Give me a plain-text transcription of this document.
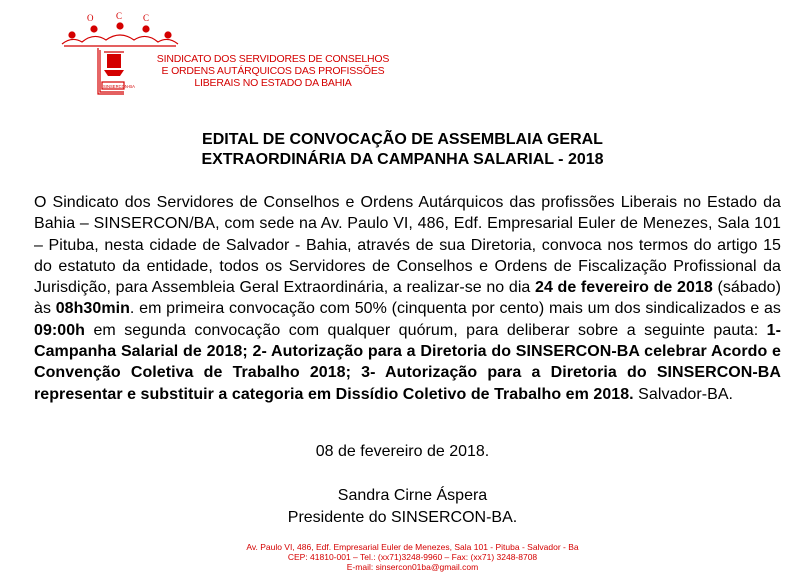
O	C C
SINSERCON-BA
SINDICATO DOS SERVIDORES DE CONSELHOS
E ORDENS AUTÁRQUICOS DAS PROFISSÕES
LIBERAIS NO ESTADO DA BAHIA
EDITAL DE CONVOCAÇÃO DE ASSEMBLAIA GERAL
EXTRAORDINÁRIA DA CAMPANHA SALARIAL - 2018
O Sindicato dos Servidores de Conselhos e Ordens Autárquicos das profissões Liberais no Estado da Bahia – SINSERCON/BA, com sede na Av. Paulo VI, 486, Edf. Empresarial Euler de Menezes, Sala 101 – Pituba, nesta cidade de Salvador - Bahia, através de sua Diretoria, convoca nos termos do artigo 15 do estatuto da entidade, todos os Servidores de Conselhos e Ordens de Fiscalização Profissional da Jurisdição, para Assembleia Geral Extraordinária, a realizar-se no dia 24 de fevereiro de 2018 (sábado) às 08h30min. em primeira convocação com 50% (cinquenta por cento) mais um dos sindicalizados e as 09:00h em segunda convocação com qualquer quórum, para deliberar sobre a seguinte pauta: 1- Campanha Salarial de 2018; 2- Autorização para a Diretoria do SINSERCON-BA celebrar Acordo e Convenção Coletiva de Trabalho 2018; 3- Autorização para a Diretoria do SINSERCON-BA representar e substituir a categoria em Dissídio Coletivo de Trabalho em 2018. Salvador-BA.
08 de fevereiro de 2018.
Sandra Cirne Áspera
Presidente do SINSERCON-BA.
Av. Paulo VI, 486, Edf. Empresarial Euler de Menezes, Sala 101 - Pituba - Salvador - Ba
CEP: 41810-001 – Tel.: (xx71)3248-9960 – Fax: (xx71) 3248-8708
E-mail: sinsercon01ba@gmail.com
